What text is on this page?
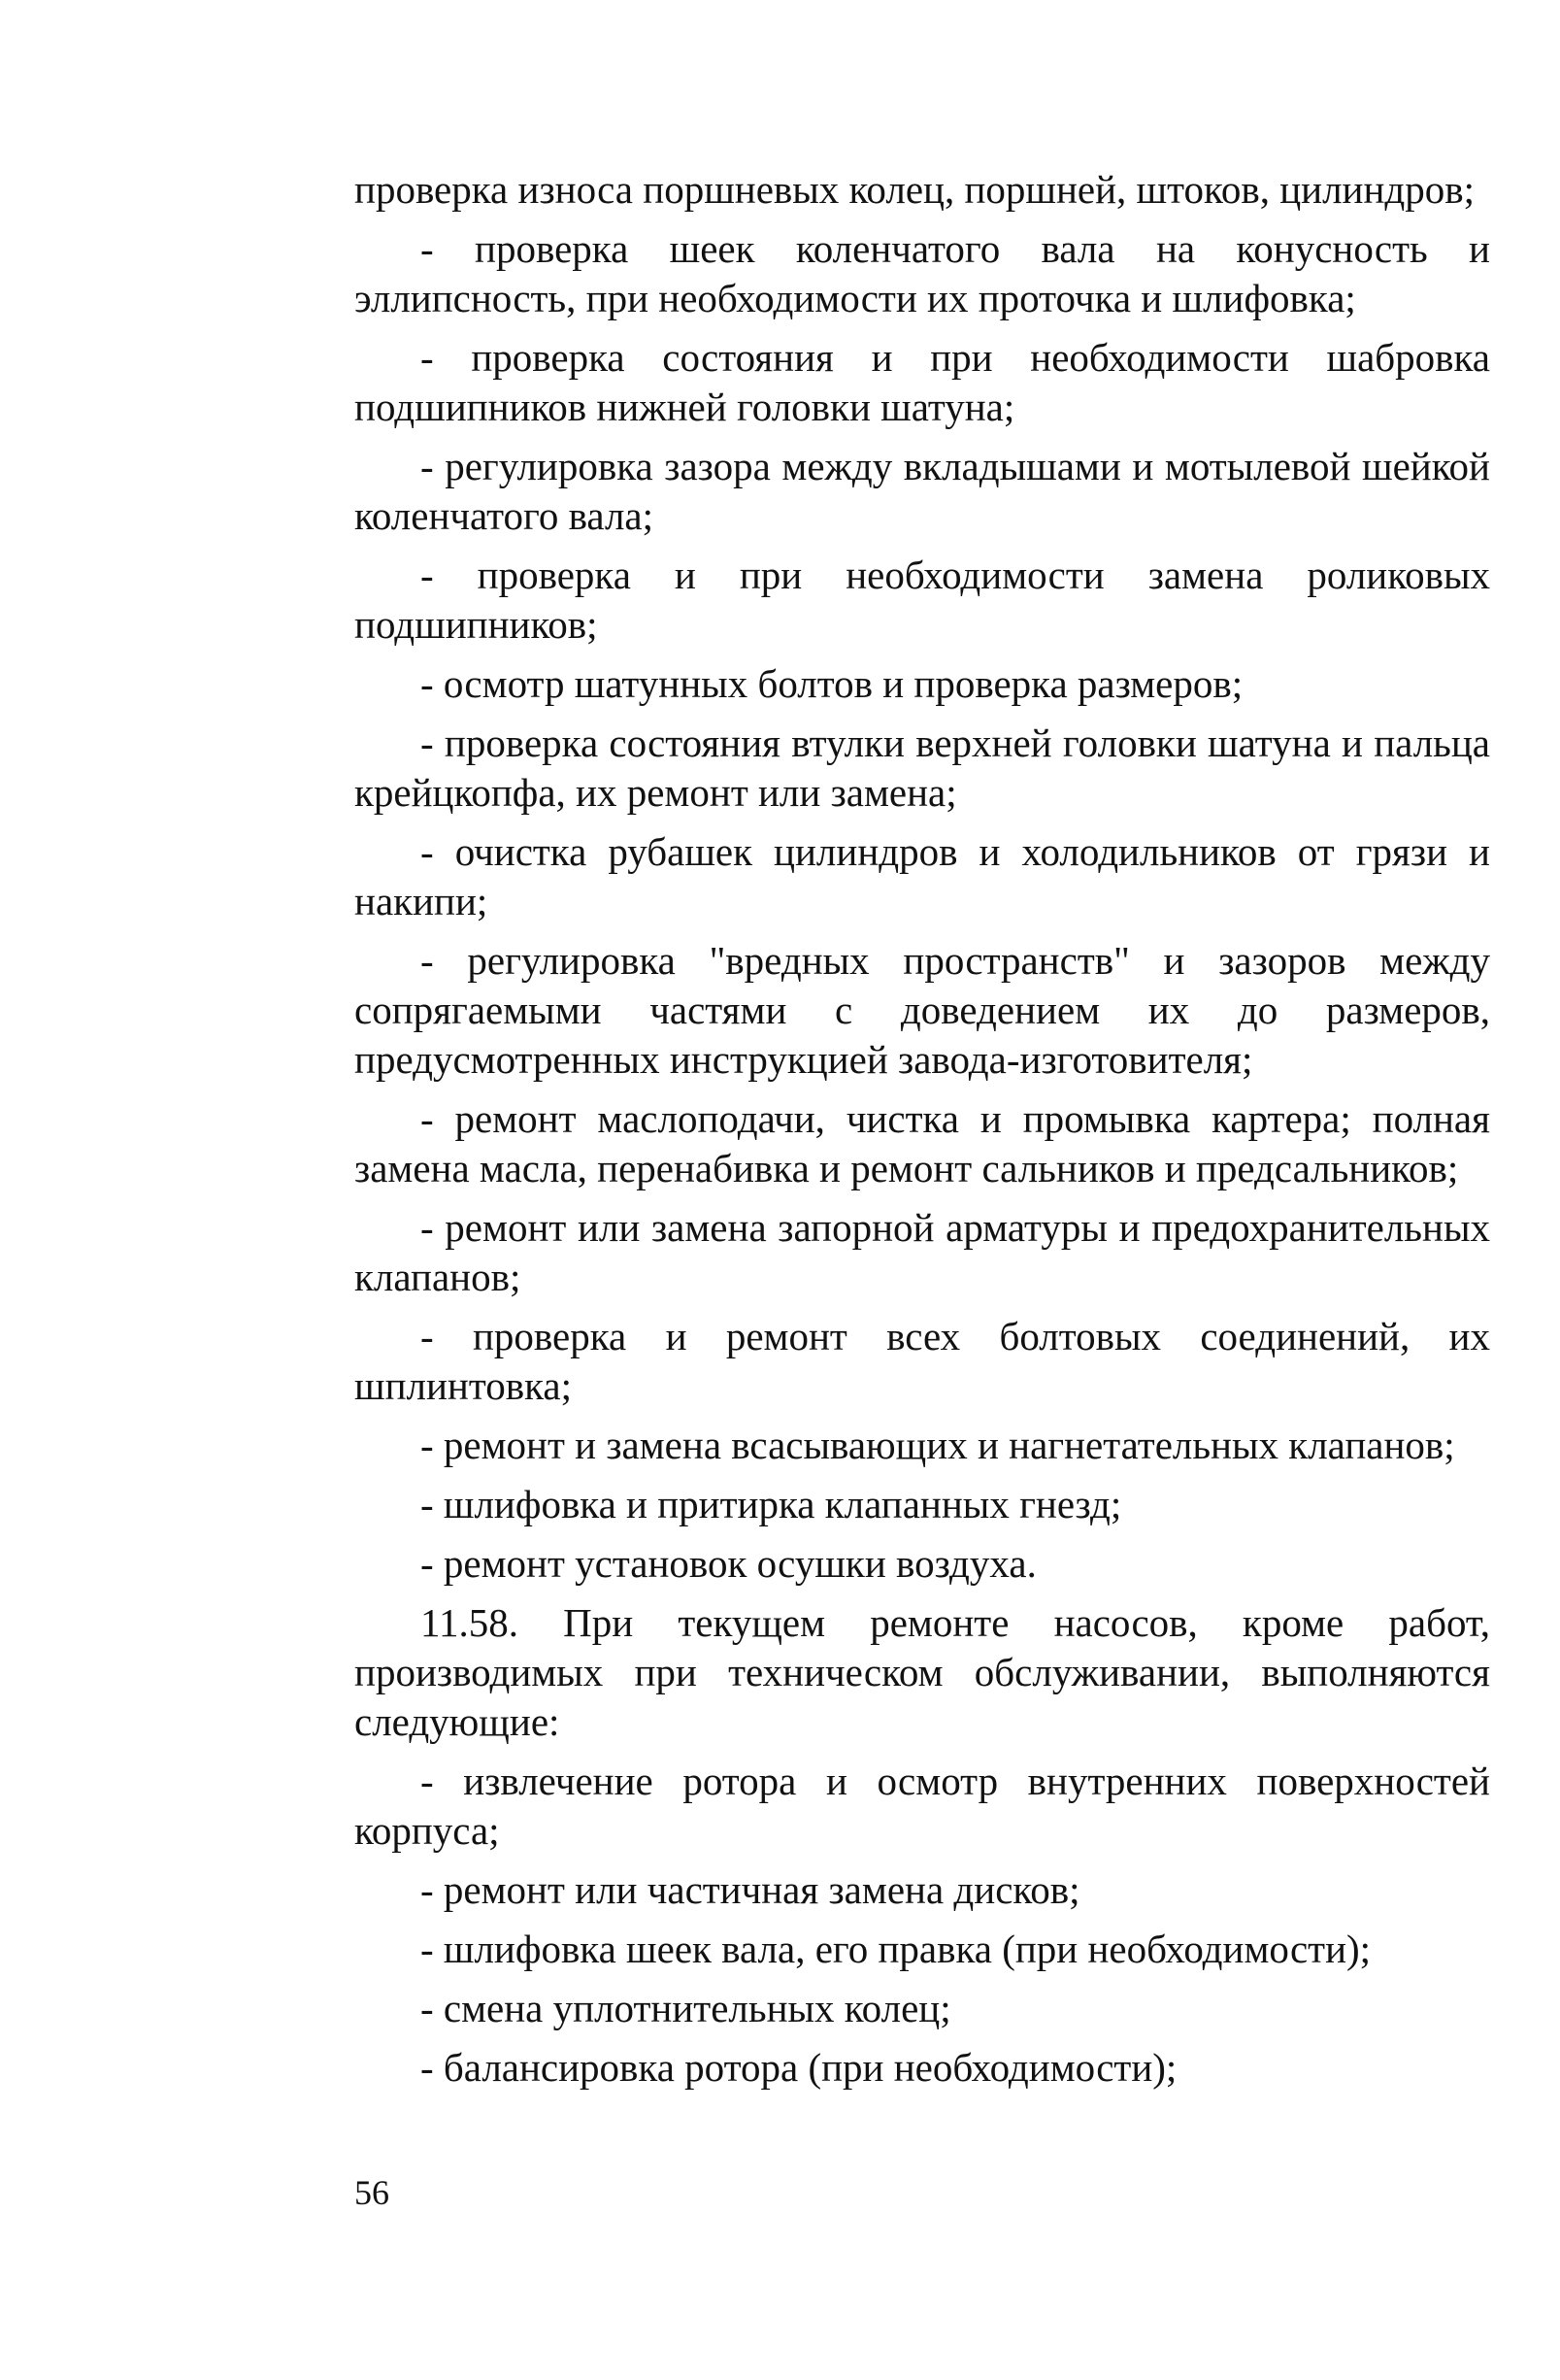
проверка износа поршневых колец, поршней, штоков, цилиндров;

- проверка шеек коленчатого вала на конусность и эллипсность, при необходимости их проточка и шлифовка;

- проверка состояния и при необходимости шабровка подшипников нижней головки шатуна;

- регулировка зазора между вкладышами и мотылевой шейкой коленчатого вала;

- проверка и при необходимости замена роликовых подшипников;

- осмотр шатунных болтов и проверка размеров;

- проверка состояния втулки верхней головки шатуна и пальца крейцкопфа, их ремонт или замена;

- очистка рубашек цилиндров и холодильников от грязи и накипи;

- регулировка "вредных пространств" и зазоров между сопрягаемыми частями с доведением их до размеров, предусмотренных инструкцией завода-изготовителя;

- ремонт маслоподачи, чистка и промывка картера; полная замена масла, перенабивка и ремонт сальников и предсальников;

- ремонт или замена запорной арматуры и предохранительных клапанов;

- проверка и ремонт всех болтовых соединений, их шплинтовка;

- ремонт и замена всасывающих и нагнетательных клапанов;

- шлифовка и притирка клапанных гнезд;

- ремонт установок осушки воздуха.

11.58. При текущем ремонте насосов, кроме работ, производимых при техническом обслуживании, выполняются следующие:

- извлечение ротора и осмотр внутренних поверхностей корпуса;

- ремонт или частичная замена дисков;

- шлифовка шеек вала, его правка (при необходимости);

- смена уплотнительных колец;

- балансировка ротора (при необходимости);

56
